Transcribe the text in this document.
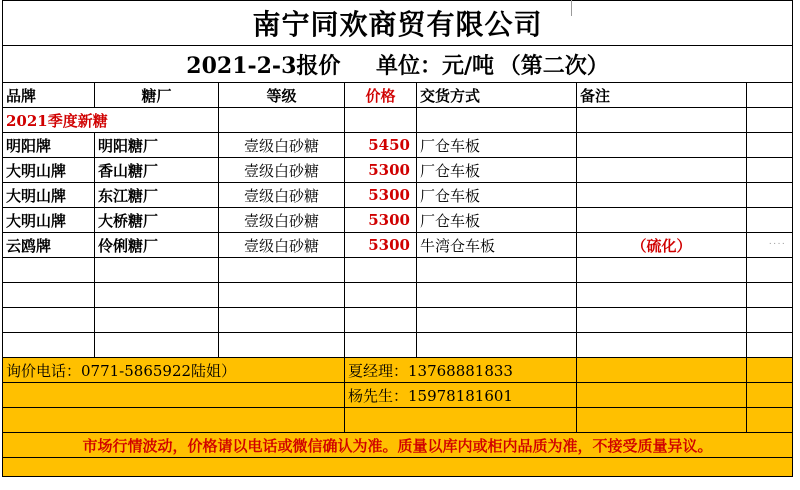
····
南宁同欢商贸有限公司						
2021-2-3报价 单位：元/吨 （第二次）						
品牌	糖厂	等级	价格	交货方式	备注	
2021季度新糖						
明阳牌	明阳糖厂	壹级白砂糖	5450	厂仓车板		
大明山牌	香山糖厂	壹级白砂糖	5300	厂仓车板		
大明山牌	东江糖厂	壹级白砂糖	5300	厂仓车板		
大明山牌	大桥糖厂	壹级白砂糖	5300	厂仓车板		
云鸥牌	伶俐糖厂	壹级白砂糖	5300	牛湾仓车板	（硫化）	

询价电话：0771-5865922陆姐）			夏经理：13768881833			
			杨先生：15978181601			

市场行情波动，价格请以电话或微信确认为准。质量以库内或柜内品质为准，不接受质量异议。						
